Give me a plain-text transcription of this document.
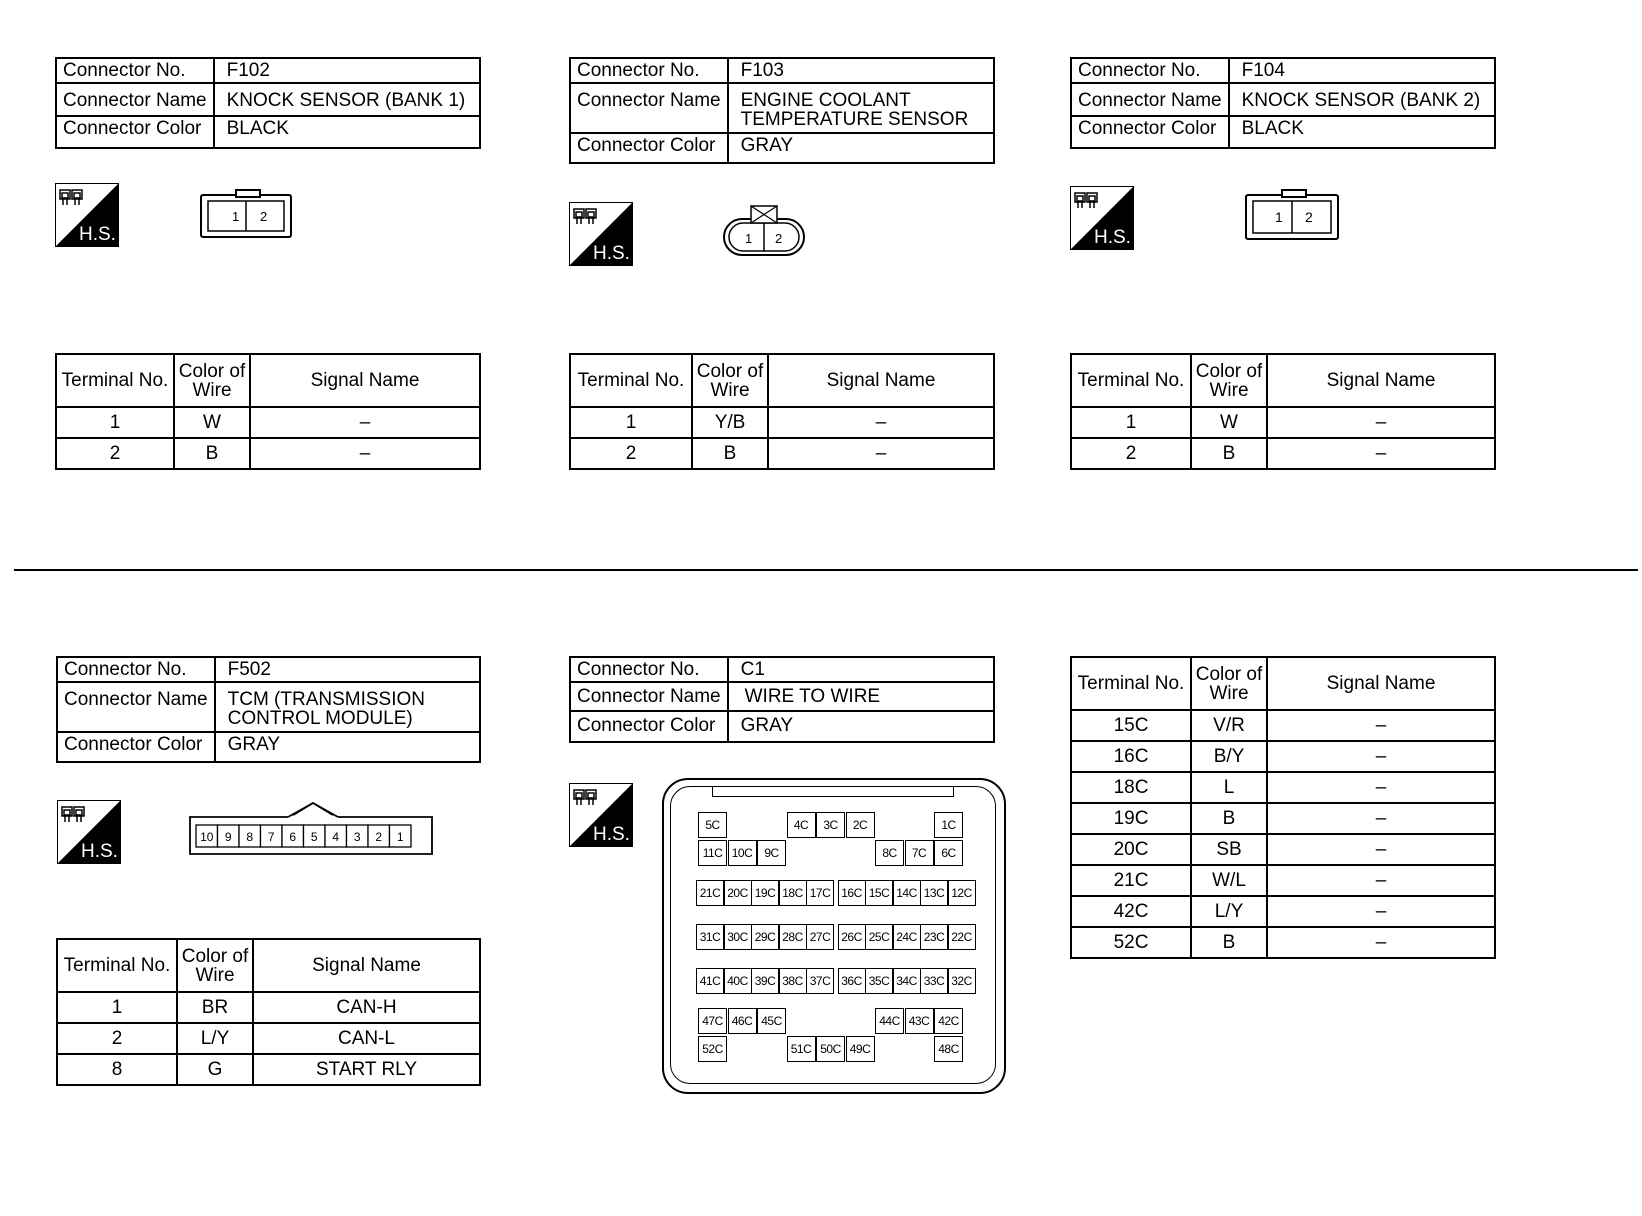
Connector No.	F102
Connector Name	KNOCK SENSOR (BANK 1)
Connector Color	BLACK
1 2
Terminal No.	Color of
Wire	Signal Name
1	W	–
2	B	–
Connector No.	F103
Connector Name	ENGINE COOLANT
TEMPERATURE SENSOR
Connector Color	GRAY
1 2
Terminal No.	Color of
Wire	Signal Name
1	Y/B	–
2	B	–
Connector No.	F104
Connector Name	KNOCK SENSOR (BANK 2)
Connector Color	BLACK
1 2
Terminal No.	Color of
Wire	Signal Name
1	W	–
2	B	–
Connector No.	F502
Connector Name	TCM (TRANSMISSION
CONTROL MODULE)
Connector Color	GRAY
10 9 8 7 6 5 4 3 2 1
Terminal No.	Color of
Wire	Signal Name
1	BR	CAN-H
2	L/Y	CAN-L
8	G	START RLY
Connector No.	C1
Connector Name	WIRE TO WIRE
Connector Color	GRAY
5C	4C	3C	2C	1C
11C 10C	9C	8C	7C	6C
21C 20C 19C 18C 17C 16C 15C 14C 13C 12C
31C 30C 29C 28C 27C 26C 25C 24C 23C 22C
41C 40C 39C 38C 37C 36C 35C 34C 33C 32C
47C 46C 45C	44C 43C 42C
52C	51C 50C 49C	48C
Terminal No.	Color of
Wire	Signal Name
15C	V/R	–
16C	B/Y	–
18C	L	–
19C	B	–
20C	SB	–
21C	W/L	–
42C	L/Y	–
52C	B	–
